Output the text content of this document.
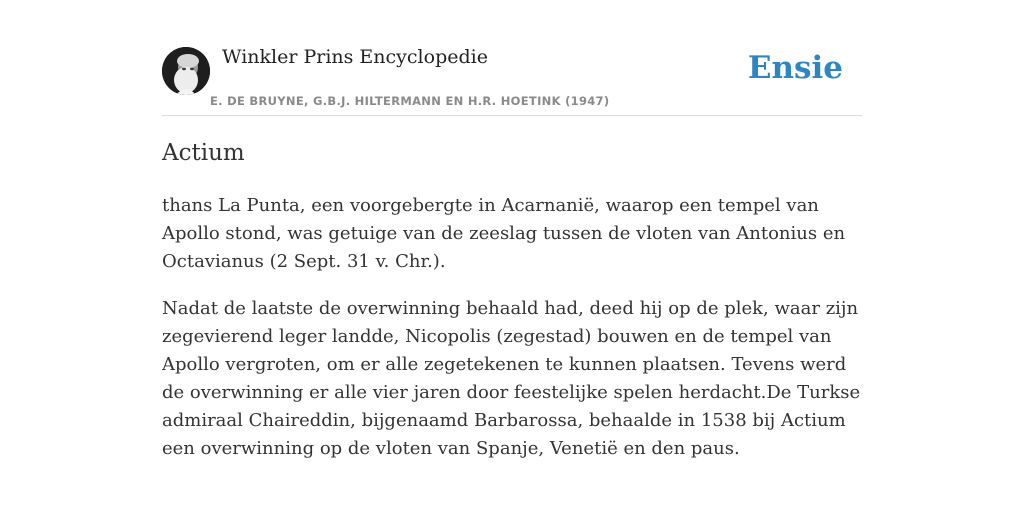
Winkler Prins Encyclopedie
E. DE BRUYNE, G.B.J. HILTERMANN EN H.R. HOETINK (1947)
Ensie
Actium

thans La Punta, een voorgebergte in Acarnanië, waarop een tempel van Apollo stond, was getuige van de zeeslag tussen de vloten van Antonius en Octavianus (2 Sept. 31 v. Chr.).

Nadat de laatste de overwinning behaald had, deed hij op de plek, waar zijn zegevierend leger landde, Nicopolis (zegestad) bouwen en de tempel van Apollo vergroten, om er alle zegetekenen te kunnen plaatsen. Tevens werd de overwinning er alle vier jaren door feestelijke spelen herdacht.De Turkse admiraal Chaireddin, bijgenaamd Barbarossa, behaalde in 1538 bij Actium een overwinning op de vloten van Spanje, Venetië en den paus.
